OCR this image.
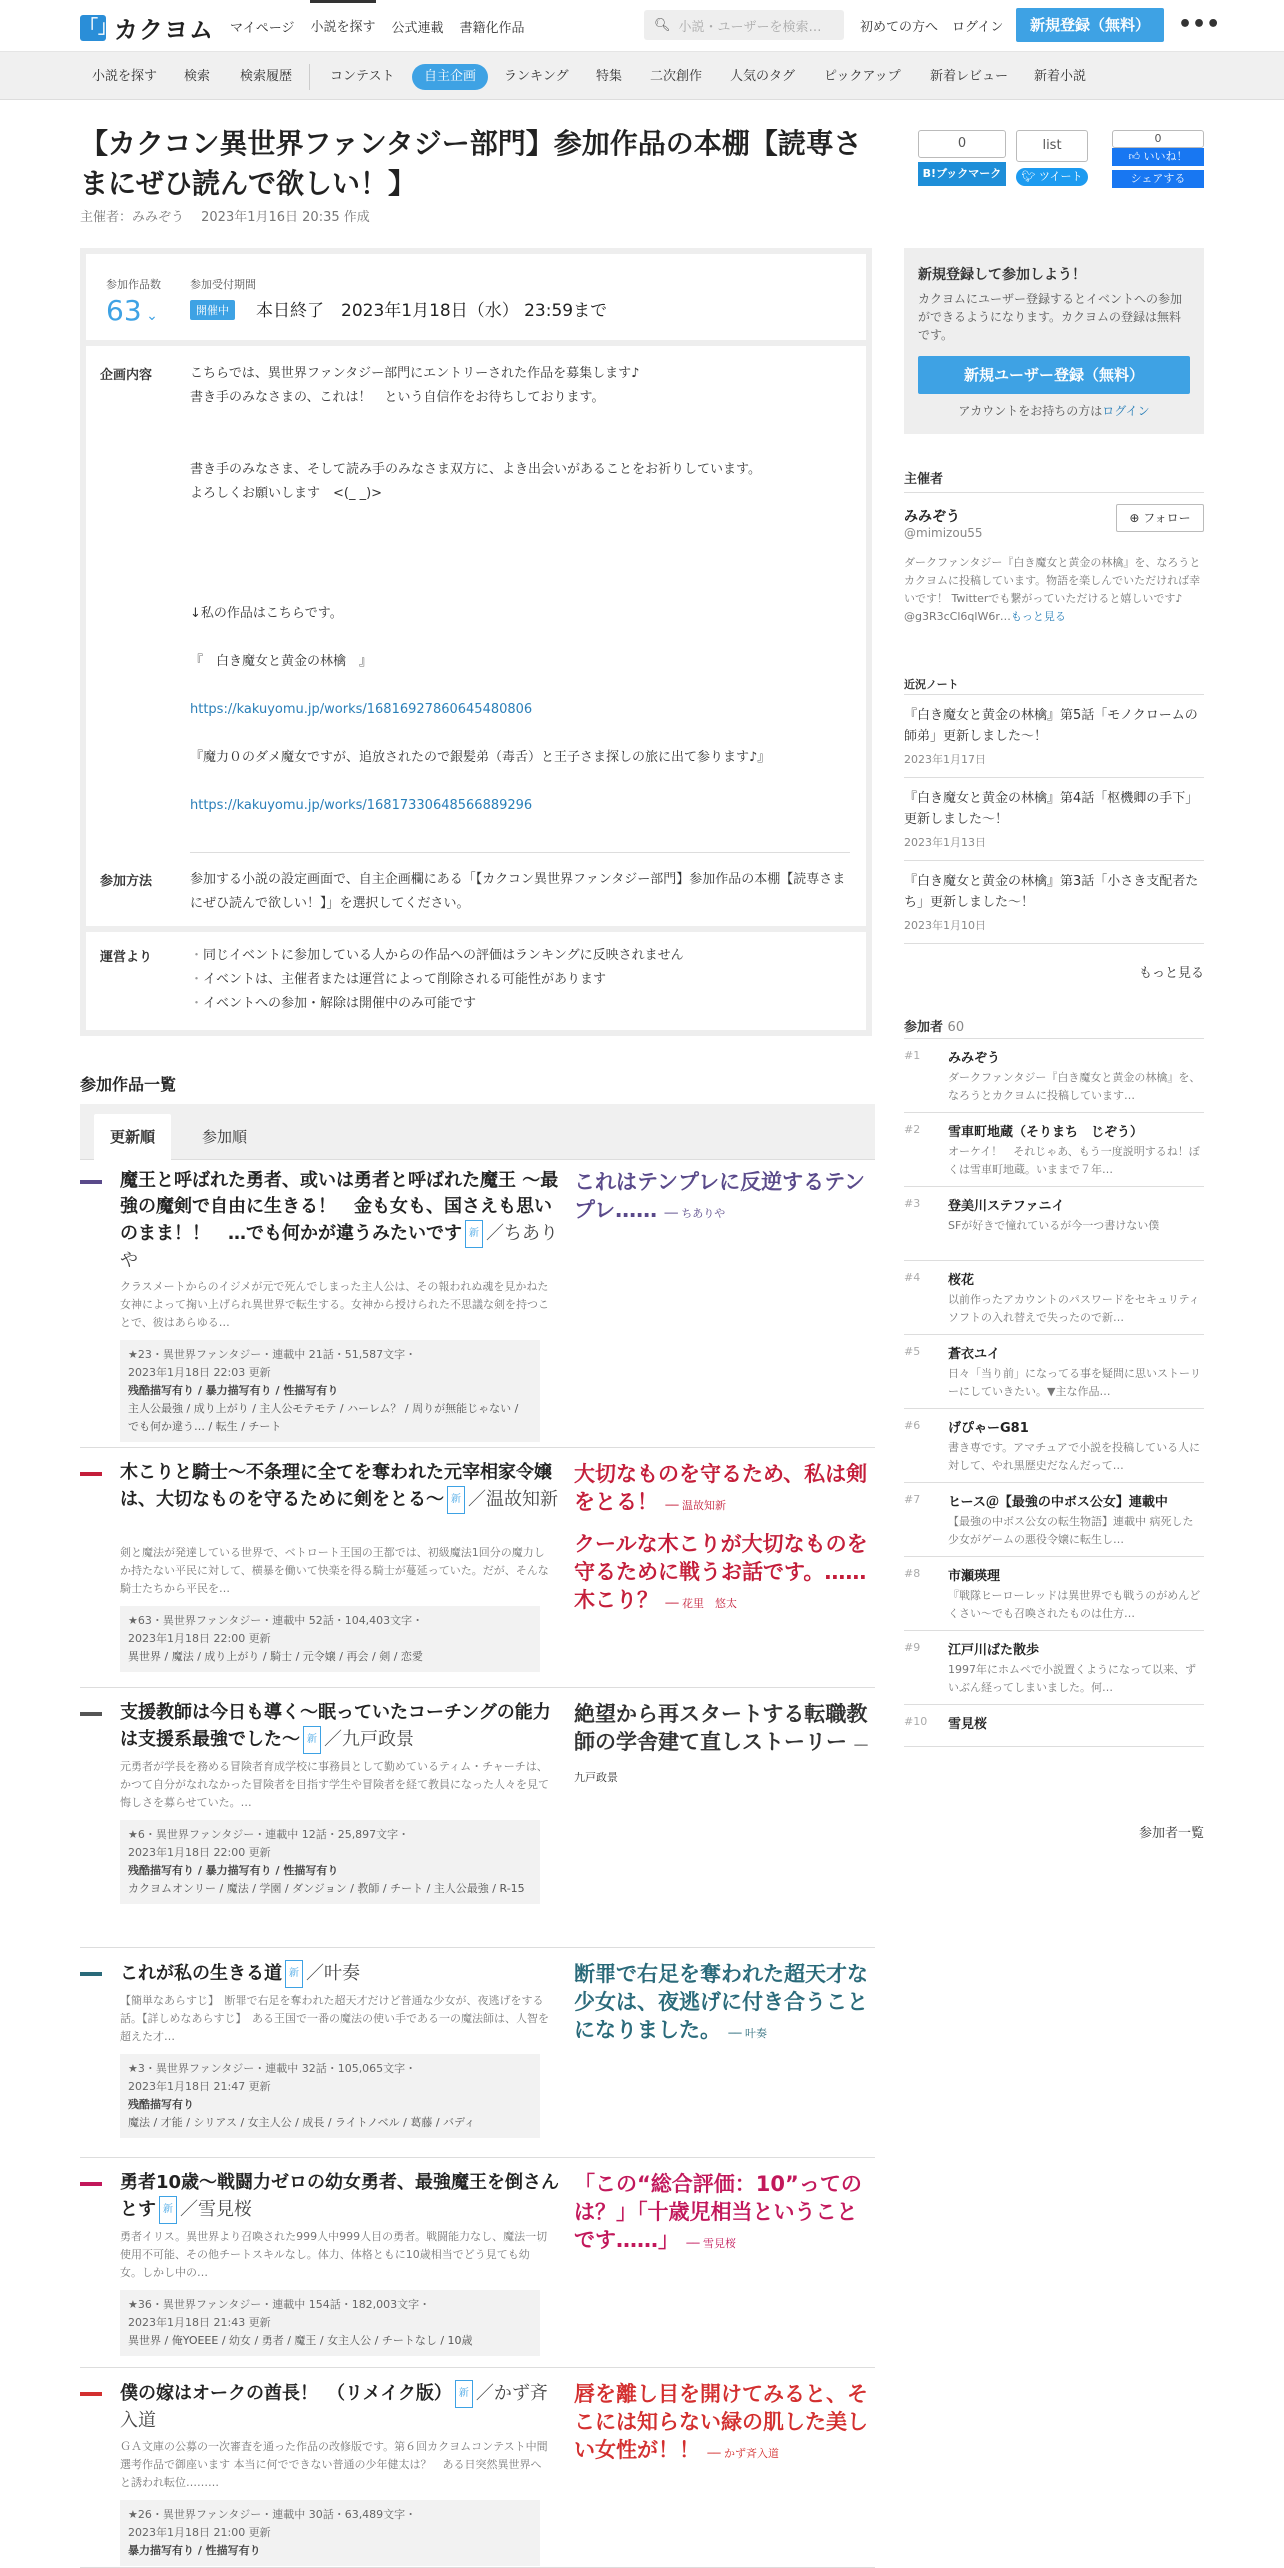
「」
カクヨム マイページ 小説を探す 公式連載 書籍化作品	🔍︎ 小説・ユーザーを検索…	初めての方へ ログイン	新規登録（無料）	•••
小説を探す	検索	検索履歴	コンテスト	自主企画	ランキング	特集	二次創作	人気のタグ	ピックアップ	新着レビュー	新着小説
【カクコン異世界ファンタジー部門】参加作品の本棚【読専さまにぜひ読んで欲しい！】
主催者：みみぞう　 2023年1月16日 20:35 作成
0
B!ブックマーク
list
🐦︎ ツイート
0
👍︎ いいね！
シェアする
参加作品数
63 ⌄
参加受付期間
開催中	本日終了　2023年1月18日（水） 23:59まで
企画内容	こちらでは、異世界ファンタジー部門にエントリーされた作品を募集します♪
書き手のみなさまの、これは！　という自信作をお待ちしております。
書き手のみなさま、そして読み手のみなさま双方に、よき出会いがあることをお祈りしています。
よろしくお願いします　<(_ _)>
↓私の作品はこちらです。
『　白き魔女と黄金の林檎　』
https://kakuyomu.jp/works/16816927860645480806
『魔力０のダメ魔女ですが、追放されたので銀髪弟（毒舌）と王子さま探しの旅に出て参ります♪』
https://kakuyomu.jp/works/16817330648566889296
参加方法	参加する小説の設定画面で、自主企画欄にある「【カクコン異世界ファンタジー部門】参加作品の本棚【読専さまにぜひ読んで欲しい！】」を選択してください。
運営より
・	同じイベントに参加している人からの作品への評価はランキングに反映されません
・ イベントは、主催者または運営によって削除される可能性があります
・ イベントへの参加・解除は開催中のみ可能です
参加作品一覧
更新順	参加順
魔王と呼ばれた勇者、或いは勇者と呼ばれた魔王 〜最強の魔剣で自由に生きる！　金も女も、国さえも思いのまま！！　…でも何かが違うみたいです 新 ／ちありや
クラスメートからのイジメが元で死んでしまった主人公は、その報われぬ魂を見かねた女神によって掬い上げられ異世界で転生する。女神から授けられた不思議な剣を持つことで、彼はあらゆる…
★23・異世界ファンタジー・連載中 21話・51,587文字・
2023年1月18日 22:03 更新
残酷描写有り / 暴力描写有り / 性描写有り
主人公最強 / 成り上がり / 主人公モテモテ / ハーレム？ / 周りが無能じゃない / でも何か違う… / 転生 / チート
これはテンプレに反逆するテンプレ…… ── ちありや
木こりと騎士〜不条理に全てを奪われた元宰相家令嬢は、大切なものを守るために剣をとる〜 新 ／温故知新
剣と魔法が発達している世界で、ベトロート王国の王都では、初級魔法1回分の魔力しか持たない平民に対して、横暴を働いて快楽を得る騎士が蔓延っていた。だが、そんな騎士たちから平民を…
★63・異世界ファンタジー・連載中 52話・104,403文字・
2023年1月18日 22:00 更新
異世界 / 魔法 / 成り上がり / 騎士 / 元令嬢 / 再会 / 剣 / 恋愛
大切なものを守るため、私は剣をとる！ ── 温故知新
クールな木こりが大切なものを守るために戦うお話です。……木こり？ ── 花里　悠太
支援教師は今日も導く〜眠っていたコーチングの能力は支援系最強でした〜 新 ／九戸政景
元勇者が学長を務める冒険者育成学校に事務員として勤めているティム・チャーチは、かつて自分がなれなかった冒険者を目指す学生や冒険者を経て教員になった人々を見て悔しさを募らせていた。…
★6・異世界ファンタジー・連載中 12話・25,897文字・
2023年1月18日 22:00 更新
残酷描写有り / 暴力描写有り / 性描写有り
カクヨムオンリー / 魔法 / 学園 / ダンジョン / 教師 / チート / 主人公最強 / R-15
絶望から再スタートする転職教師の学舎建て直しストーリー ── 九戸政景
これが私の生きる道 新 ／叶奏
【簡単なあらすじ】　断罪で右足を奪われた超天才だけど普通な少女が、夜逃げをする話。【詳しめなあらすじ】　ある王国で一番の魔法の使い手である一の魔法師は、人智を超えた才…
★3・異世界ファンタジー・連載中 32話・105,065文字・
2023年1月18日 21:47 更新
残酷描写有り
魔法 / 才能 / シリアス / 女主人公 / 成長 / ライトノベル / 葛藤 / バディ
断罪で右足を奪われた超天才な少女は、夜逃げに付き合うことになりました。 ── 叶奏
勇者10歳〜戦闘力ゼロの幼女勇者、最強魔王を倒さんとす 新 ／雪見桜
勇者イリス。異世界より召喚された999人中999人目の勇者。戦闘能力なし、魔法一切使用不可能、その他チートスキルなし。体力、体格ともに10歳相当でどう見ても幼女。しかし中の…
★36・異世界ファンタジー・連載中 154話・182,003文字・
2023年1月18日 21:43 更新
異世界 / 俺YOEEE / 幼女 / 勇者 / 魔王 / 女主人公 / チートなし / 10歳
「この“総合評価：10”ってのは？」「十歳児相当ということです……」 ── 雪見桜
僕の嫁はオークの酋長！　（リメイク版） 新 ／かず斉入道
ＧＡ文庫の公募の一次審査を通った作品の改修版です。第６回カクヨムコンテスト中間選考作品で御座います 本当に何でできない普通の少年健太は？　ある日突然異世界へと誘われ転位………
★26・異世界ファンタジー・連載中 30話・63,489文字・
2023年1月18日 21:00 更新
暴力描写有り / 性描写有り
唇を離し目を開けてみると、そこには知らない緑の肌した美しい女性が！！ ── かず斉入道
新規登録して参加しよう！

カクヨムにユーザー登録するとイベントへの参加ができるようになります。カクヨムの登録は無料です。

新規ユーザー登録（無料）
アカウントをお持ちの方はログイン
主催者
みみぞう
@mimizou55
⊕ フォロー
ダークファンタジー『白き魔女と黄金の林檎』を、なろうとカクヨムに投稿しています。物語を楽しんでいただければ幸いです！ Twitterでも繋がっていただけると嬉しいです♪　@g3R3cCl6qlW6r…もっと見る
近況ノート
『白き魔女と黄金の林檎』第5話「モノクロームの師弟」更新しました〜！
2023年1月17日
『白き魔女と黄金の林檎』第4話「枢機卿の手下」更新しました〜！
2023年1月13日
『白き魔女と黄金の林檎』第3話「小さき支配者たち」更新しました〜！
2023年1月10日
もっと見る
参加者 60
#1 みみぞう
ダークファンタジー『白き魔女と黄金の林檎』を、なろうとカクヨムに投稿しています…
#2 雪車町地蔵（そりまち　じぞう）
オーケイ！　それじゃあ、もう一度説明するね！ぼくは雪車町地蔵。いままで７年…
#3 登美川ステファニイ
SFが好きで憧れているが今一つ書けない僕
#4 桜花
以前作ったアカウントのパスワードをセキュリティソフトの入れ替えで失ったので新…
#5 蒼衣ユイ
日々「当り前」になってる事を疑問に思いストーリーにしていきたい。▼主な作品…
#6 げぴゃーG81
書き専です。アマチュアで小説を投稿している人に対して、やれ黒歴史だなんだって…
#7 ヒース＠【最強の中ボス公女】連載中
【最強の中ボス公女の転生物語】連載中 病死した少女がゲームの悪役令嬢に転生し…
#8 市瀬瑛理
『戦隊ヒーローレッドは異世界でも戦うのがめんどくさい〜でも召喚されたものは仕方…
#9 江戸川ばた散歩
1997年にホムペで小説置くようになって以来、ずいぶん経ってしまいました。何…
#10 雪見桜
参加者一覧
